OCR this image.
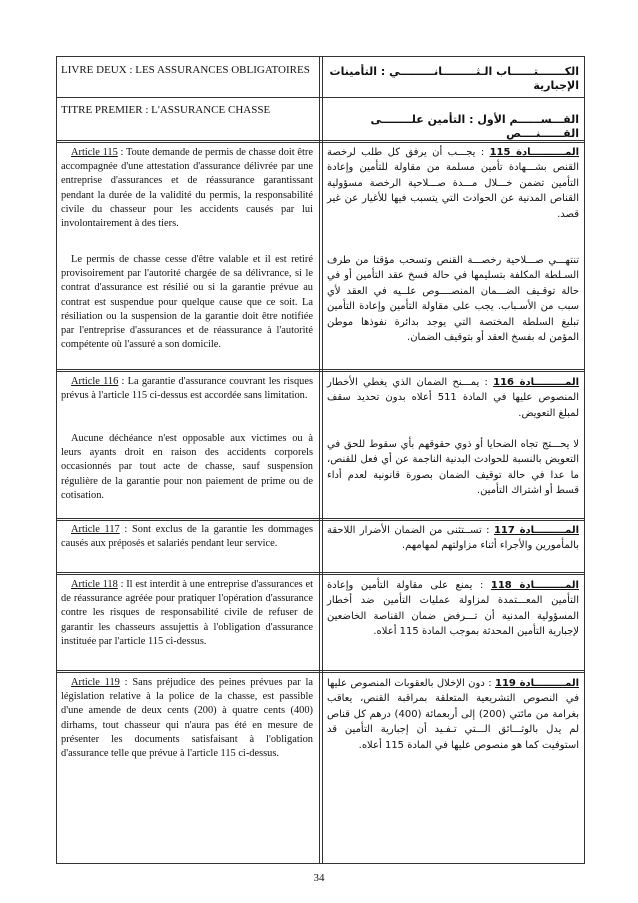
LIVRE DEUX : LES ASSURANCES OBLIGATOIRES الكـــــــتــــــاب الـثـــــــــانـــــــــي : التأمينات الإجبارية
TITRE PREMIER : L'ASSURANCE CHASSE
القـــســــــم الأول : التأمين علــــــــى القــــــنــــص
Article 115 : Toute demande de permis de chasse doit être accompagnée d'une attestation d'assurance délivrée par une entreprise d'assurances et de réassurance garantissant pendant la durée de la validité du permis, la responsabilité civile du chasseur pour les accidents causés par lui involontairement à des tiers.
Le permis de chasse cesse d'être valable et il est retiré provisoirement par l'autorité chargée de sa délivrance, si le contrat d'assurance est résilié ou si la garantie prévue au contrat est suspendue pour quelque cause que ce soit. La résiliation ou la suspension de la garantie doit être notifiée par l'entreprise d'assurances et de réassurance à l'autorité compétente où l'assuré a son domicile.
المــــــــــادة 115 : يجـــب أن يرفق كل طلب لرخصة القنص بشـــهادة تأمين مسلمة من مقاولة للتأمين وإعادة التأمين تضمن خـــلال مـــدة صـــلاحية الرخصة مسؤولية القناص المدنية عن الحوادث التي يتسبب فيها للأغيار عن غير قصد.
تنتهـــي صـــلاحية رخصـــة القنص وتسحب مؤقتا من طرف السـلطة المكلفة بتسليمها في حالة فسخ عقد التأمين أو في حالة توقـيف الضـــمان المنصــــوص علــيه في العقد لأي سبب من الأسـباب. يجب على مقاولة التأمين وإعادة التأمين تبليغ السلطة المختصة التي يوجد بدائرة نفوذها موطن المؤمن له بفسخ العقد أو بتوقيف الضمان.
Article 116 : La garantie d'assurance couvrant les risques prévus à l'article 115 ci-dessus est accordée sans limitation.
Aucune déchéance n'est opposable aux victimes ou à leurs ayants droit en raison des accidents corporels occasionnés par tout acte de chasse, sauf suspension régulière de la garantie pour non paiement de prime ou de cotisation.
المـــــــــادة 116 : يمـــنح الضمان الذي يغطي الأخطار المنصوص عليها في المادة 511 أعلاه بدون تحديد سقف لمبلغ التعويض.
لا يحـــتج تجاه الضحايا أو ذوي حقوقهم بأي سقوط للحق في التعويض بالنسبة للحوادث البدنية الناجمة عن أي فعل للقنص، ما عدا في حالة توقيف الضمان بصورة قانونية لعدم أداء قسط أو اشتراك التأمين.
Article 117 : Sont exclus de la garantie les dommages causés aux préposés et salariés pendant leur service.
المـــــــــادة 117 : تســتثنى من الضمان الأضرار اللاحقة بالمأمورين والأجراء أثناء مزاولتهم لمهامهم.
Article 118 : Il est interdit à une entreprise d'assurances et de réassurance agréée pour pratiquer l'opération d'assurance contre les risques de responsabilité civile de refuser de garantir les chasseurs assujettis à l'obligation d'assurance instituée par l'article 115 ci-dessus.
المـــــــــادة 118 : يمنع على مقاولة التأمين وإعادة التأمين المعـــتمدة لمزاولة عمليات التأمين ضد أخطار المسؤولية المدنية أن تـــرفض ضمان القناصة الخاضعين لإجبارية التأمين المحدثة بموجب المادة 115 أعلاه.
Article 119 : Sans préjudice des peines prévues par la législation relative à la police de la chasse, est passible d'une amende de deux cents (200) à quatre cents (400) dirhams, tout chasseur qui n'aura pas été en mesure de présenter les documents satisfaisant à l'obligation d'assurance telle que prévue à l'article 115 ci-dessus.
المـــــــــادة 119 : دون الإخلال بالعقوبات المنصوص عليها في النصوص التشريعية المتعلقة بمراقبة القنص، يعاقب بغرامة من مائتي (200) إلى أربعمائة (400) درهم كل قناص لم يدل بالوثـــائق الـــتي تـفـيد أن إجبارية التأمين قد استوفيت كما هو منصوص عليها في المادة 115 أعلاه.
34
